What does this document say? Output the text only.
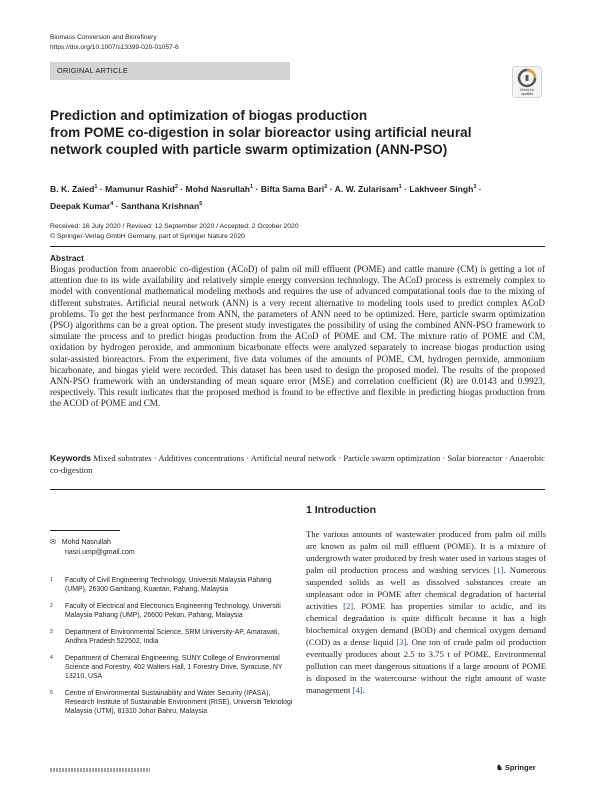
Biomass Conversion and Biorefinery
https://doi.org/10.1007/s13399-020-01057-6
ORIGINAL ARTICLE
Check for
updates
Prediction and optimization of biogas production
from POME co-digestion in solar bioreactor using artificial neural
network coupled with particle swarm optimization (ANN-PSO)
B. K. Zaied$^1$ · Mamunur Rashid$^2$ · Mohd Nasrullah$^1$ · Bifta Sama Bari$^2$ · A. W. Zularisam$^1$ · Lakhveer Singh$^3$ ·
Deepak Kumar$^4$ · Santhana Krishnan$^5$
Received: 16 July 2020 / Revised: 12 September 2020 / Accepted: 2 October 2020
© Springer-Verlag GmbH Germany, part of Springer Nature 2020
Abstract
Biogas production from anaerobic co-digestion (ACoD) of palm oil mill effluent (POME) and cattle manure (CM) is getting a lot of attention due to its wide availability and relatively simple energy conversion technology. The ACoD process is extremely complex to model with conventional mathematical modeling methods and requires the use of advanced computational tools due to the mixing of different substrates. Artificial neural network (ANN) is a very recent alternative to modeling tools used to predict complex ACoD problems. To get the best performance from ANN, the parameters of ANN need to be optimized. Here, particle swarm optimization (PSO) algorithms can be a great option. The present study investigates the possibility of using the combined ANN-PSO framework to simulate the process and to predict biogas production from the ACoD of POME and CM. The mixture ratio of POME and CM, oxidation by hydrogen peroxide, and ammonium bicarbonate effects were analyzed separately to increase biogas production using solar-assisted bioreactors. From the experiment, five data volumes of the amounts of POME, CM, hydrogen peroxide, ammonium bicarbonate, and biogas yield were recorded. This dataset has been used to design the proposed model. The results of the proposed ANN-PSO framework with an understanding of mean square error (MSE) and correlation coefficient (R) are 0.0143 and 0.9923, respectively. This result indicates that the proposed method is found to be effective and flexible in predicting biogas production from the ACOD of POME and CM.
Keywords Mixed substrates · Additives concentrations · Artificial neural network · Particle swarm optimization · Solar bioreactor · Anaerobic co-digestion
1 Introduction
The various amounts of wastewater produced from palm oil mills are known as palm oil mill effluent (POME). It is a mixture of undergrowth water produced by fresh water used in various stages of palm oil production process and washing services [1]. Numerous suspended solids as well as dissolved substances create an unpleasant odor in POME after chemical degradation of bacterial activities [2]. POME has properties similar to acidic, and its chemical degradation is quite difficult because it has a high biochemical oxygen demand (BOD) and chemical oxygen demand (COD) as a dense liquid [3]. One ton of crude palm oil production eventually produces about 2.5 to 3.75 t of POME. Environmental pollution can meet dangerous situations if a large amount of POME is disposed in the watercourse without the right amount of waste management [4].
✉ Mohd Nasrullah
nasri.ump@gmail.com
1 Faculty of Civil Engineering Technology, Universiti Malaysia Pahang (UMP), 26300 Gambang, Kuantan, Pahang, Malaysia
2 Faculty of Electrical and Electronics Engineering Technology, Universiti Malaysia Pahang (UMP), 26600 Pekan, Pahang, Malaysia
3 Department of Environmental Science, SRM University-AP, Amaravati, Andhra Pradesh 522502, India
4 Department of Chemical Engineering, SUNY College of Environmental Science and Forestry, 402 Walters Hall, 1 Forestry Drive, Syracuse, NY 13210, USA
5 Centre of Environmental Sustainability and Water Security (IPASA), Research Institute of Sustainable Environment (RISE), Universiti Teknologi Malaysia (UTM), 81310 Johor Bahru, Malaysia
♞ Springer
